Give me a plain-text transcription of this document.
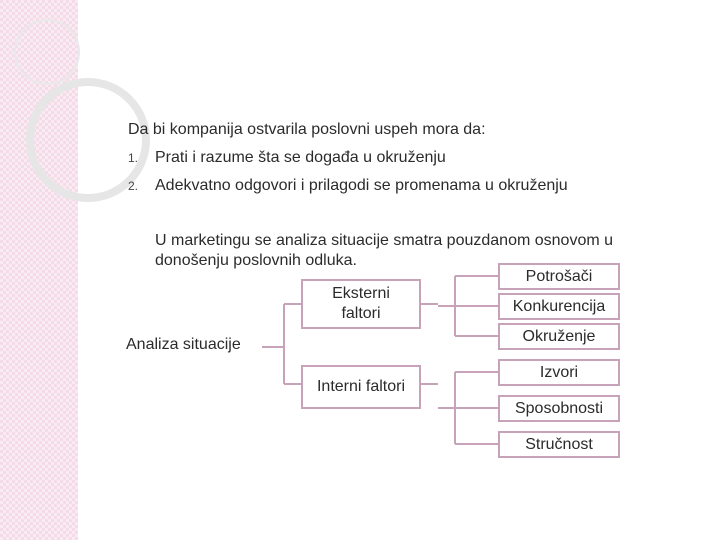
Da bi kompanija ostvarila poslovni uspeh mora da:
1. Prati i razume šta se događa u okruženju
2. Adekvatno odgovori i prilagodi se promenama u okruženju
U marketingu se analiza situacije smatra pouzdanom osnovom u
donošenju poslovnih odluka.
Analiza situacije
Eksterni
faltori
Interni faltori
Potrošači
Konkurencija
Okruženje
Izvori
Sposobnosti
Stručnost
